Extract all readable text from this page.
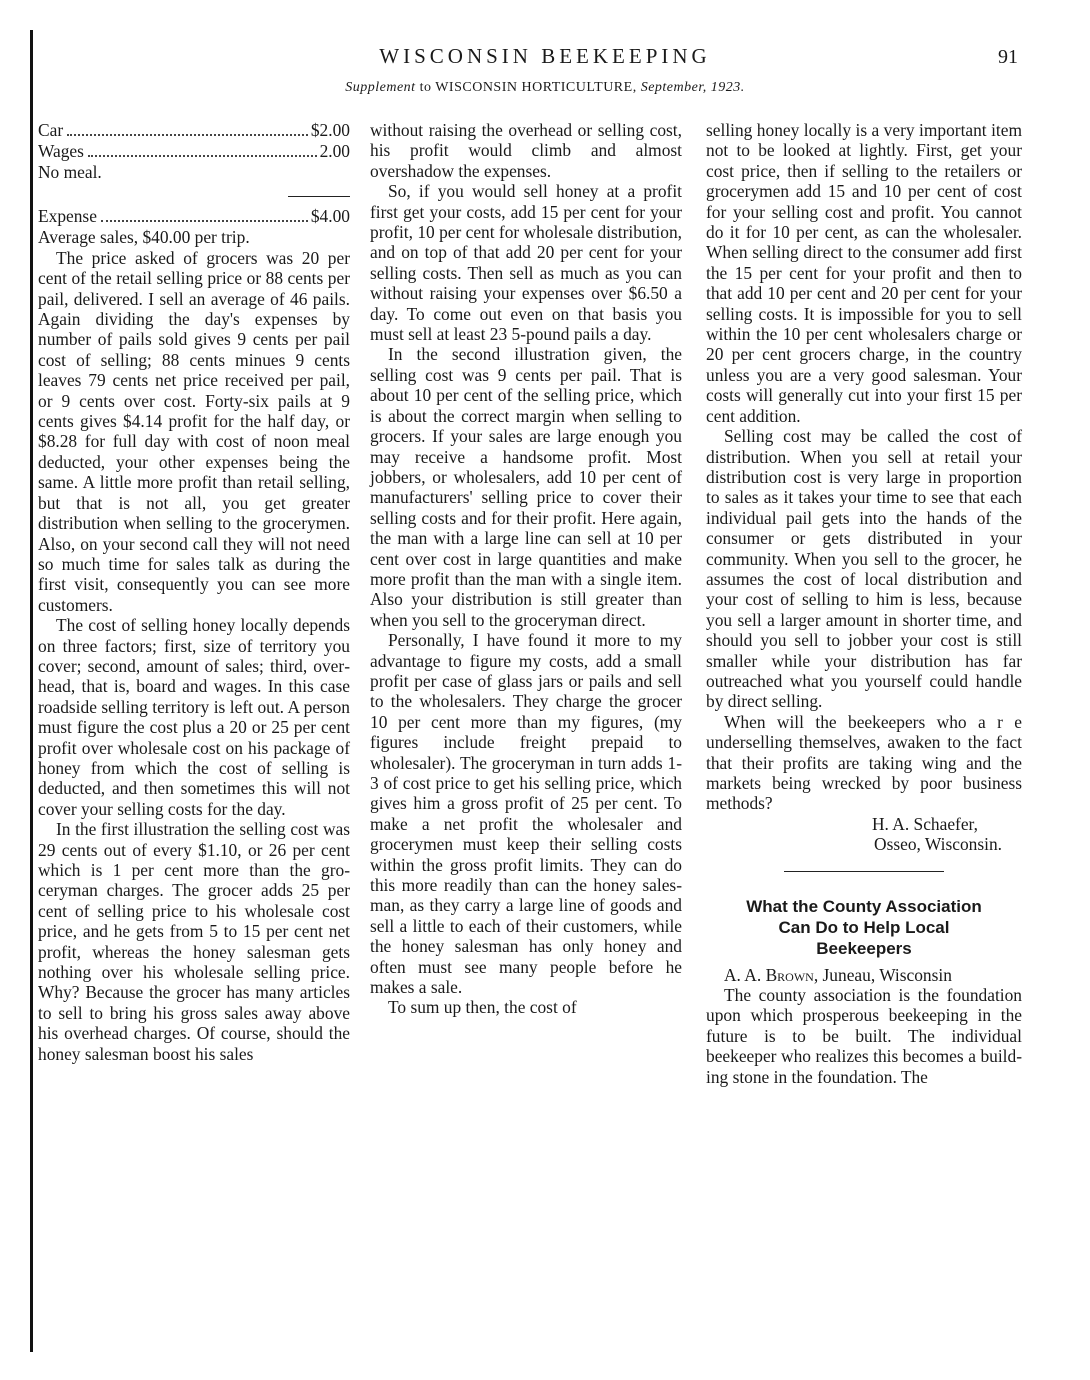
WISCONSIN BEEKEEPING	91
Supplement to WISCONSIN HORTICULTURE, September, 1923.
Car	$2.00
Wages	2.00
No meal.
Expense	$4.00
Average sales, $40.00 per trip.

The price asked of grocers was 20 per cent of the retail selling price or 88 cents per pail, delivered. I sell an average of 46 pails. Again dividing the day's expenses by number of pails sold gives 9 cents per pail cost of selling; 88 cents minues 9 cents leaves 79 cents net price received per pail, or 9 cents over cost. Forty-six pails at 9 cents gives $4.14 profit for the half day, or $8.28 for full day with cost of noon meal deducted, your other expenses being the same. A little more profit than retail selling, but that is not all, you get greater distribution when selling to the grocerymen. Also, on your second call they will not need so much time for sales talk as during the first visit, consequently you can see more customers.

The cost of selling honey locally depends on three factors; first, size of territory you cover; second, amount of sales; third, overhead, that is, board and wages. In this case roadside selling territory is left out. A person must figure the cost plus a 20 or 25 per cent profit over wholesale cost on his package of honey from which the cost of selling is deducted, and then sometimes this will not cover your selling costs for the day.

In the first illustration the selling cost was 29 cents out of every $1.10, or 26 per cent which is 1 per cent more than the groceryman charges. The grocer adds 25 per cent of selling price to his wholesale cost price, and he gets from 5 to 15 per cent net profit, whereas the honey salesman gets nothing over his wholesale selling price. Why? Because the grocer has many articles to sell to bring his gross sales away above his overhead charges. Of course, should the honey salesman boost his sales

without raising the overhead or selling cost, his profit would climb and almost overshadow the expenses.

So, if you would sell honey at a profit first get your costs, add 15 per cent for your profit, 10 per cent for wholesale distribution, and on top of that add 20 per cent for your selling costs. Then sell as much as you can without raising your expenses over $6.50 a day. To come out even on that basis you must sell at least 23 5-pound pails a day.

In the second illustration given, the selling cost was 9 cents per pail. That is about 10 per cent of the selling price, which is about the correct margin when selling to grocers. If your sales are large enough you may receive a handsome profit. Most jobbers, or wholesalers, add 10 per cent of manufacturers' selling price to cover their selling costs and for their profit. Here again, the man with a large line can sell at 10 per cent over cost in large quantities and make more profit than the man with a single item. Also your distribution is still greater than when you sell to the groceryman direct.

Personally, I have found it more to my advantage to figure my costs, add a small profit per case of glass jars or pails and sell to the wholesalers. They charge the grocer 10 per cent more than my figures, (my figures include freight prepaid to wholesaler). The groceryman in turn adds 1-3 of cost price to get his selling price, which gives him a gross profit of 25 per cent. To make a net profit the wholesaler and grocerymen must keep their selling costs within the gross profit limits. They can do this more readily than can the honey salesman, as they carry a large line of goods and sell a little to each of their customers, while the honey salesman has only honey and often must see many people before he makes a sale.

To sum up then, the cost of

selling honey locally is a very important item not to be looked at lightly. First, get your cost price, then if selling to the retailers or grocerymen add 15 and 10 per cent of cost for your selling cost and profit. You cannot do it for 10 per cent, as can the wholesaler. When selling direct to the consumer add first the 15 per cent for your profit and then to that add 10 per cent and 20 per cent for your selling costs. It is impossible for you to sell within the 10 per cent wholesalers charge or 20 per cent grocers charge, in the country unless you are a very good salesman. Your costs will generally cut into your first 15 per cent addition.

Selling cost may be called the cost of distribution. When you sell at retail your distribution cost is very large in proportion to sales as it takes your time to see that each individual pail gets into the hands of the consumer or gets distributed in your community. When you sell to the grocer, he assumes the cost of local distribution and your cost of selling to him is less, because you sell a larger amount in shorter time, and should you sell to jobber your cost is still smaller while your distribution has far outreached what you yourself could handle by direct selling.

When will the beekeepers who a r e underselling themselves, awaken to the fact that their profits are taking wing and the markets being wrecked by poor business methods?

H. A. Schaefer,
Osseo, Wisconsin.
What the County Association
Can Do to Help Local
Beekeepers

A. A. Brown, Juneau, Wisconsin

The county association is the foundation upon which prosperous beekeeping in the future is to be built. The individual beekeeper who realizes this becomes a building stone in the foundation. The
